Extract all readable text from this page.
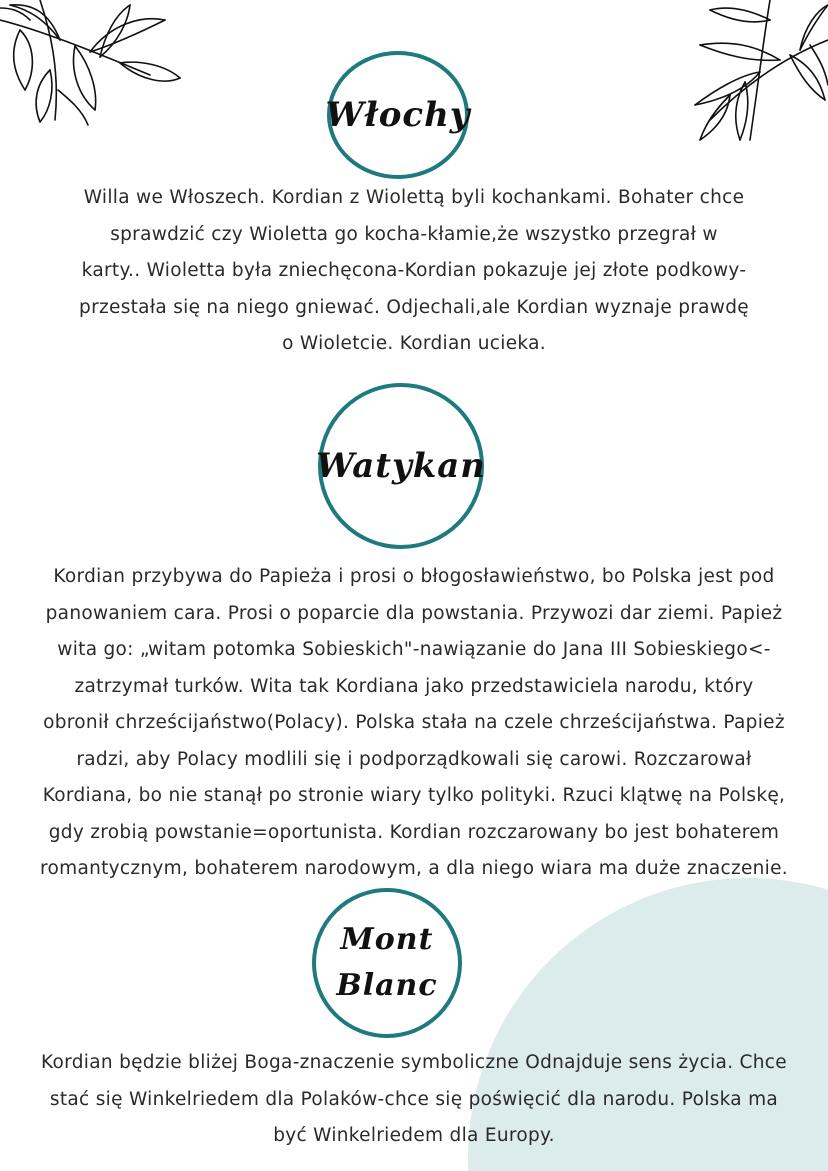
Włochy
Willa we Włoszech. Kordian z Wiolettą byli kochankami. Bohater chce
sprawdzić czy Wioletta go kocha-kłamie,że wszystko przegrał w
karty.. Wioletta była zniechęcona-Kordian pokazuje jej złote podkowy-
przestała się na niego gniewać. Odjechali,ale Kordian wyznaje prawdę
o Wioletcie. Kordian ucieka.
Watykan
Kordian przybywa do Papieża i prosi o błogosławieństwo, bo Polska jest pod
panowaniem cara. Prosi o poparcie dla powstania. Przywozi dar ziemi. Papież
wita go: „witam potomka Sobieskich"-nawiązanie do Jana III Sobieskiego<-
zatrzymał turków. Wita tak Kordiana jako przedstawiciela narodu, który
obronił chrześcijaństwo(Polacy). Polska stała na czele chrześcijaństwa. Papież
radzi, aby Polacy modlili się i podporządkowali się carowi. Rozczarował
Kordiana, bo nie stanął po stronie wiary tylko polityki. Rzuci klątwę na Polskę,
gdy zrobią powstanie=oportunista. Kordian rozczarowany bo jest bohaterem
romantycznym, bohaterem narodowym, a dla niego wiara ma duże znaczenie.
Mont
Blanc
Kordian będzie bliżej Boga-znaczenie symboliczne Odnajduje sens życia. Chce
stać się Winkelriedem dla Polaków-chce się poświęcić dla narodu. Polska ma
być Winkelriedem dla Europy.
